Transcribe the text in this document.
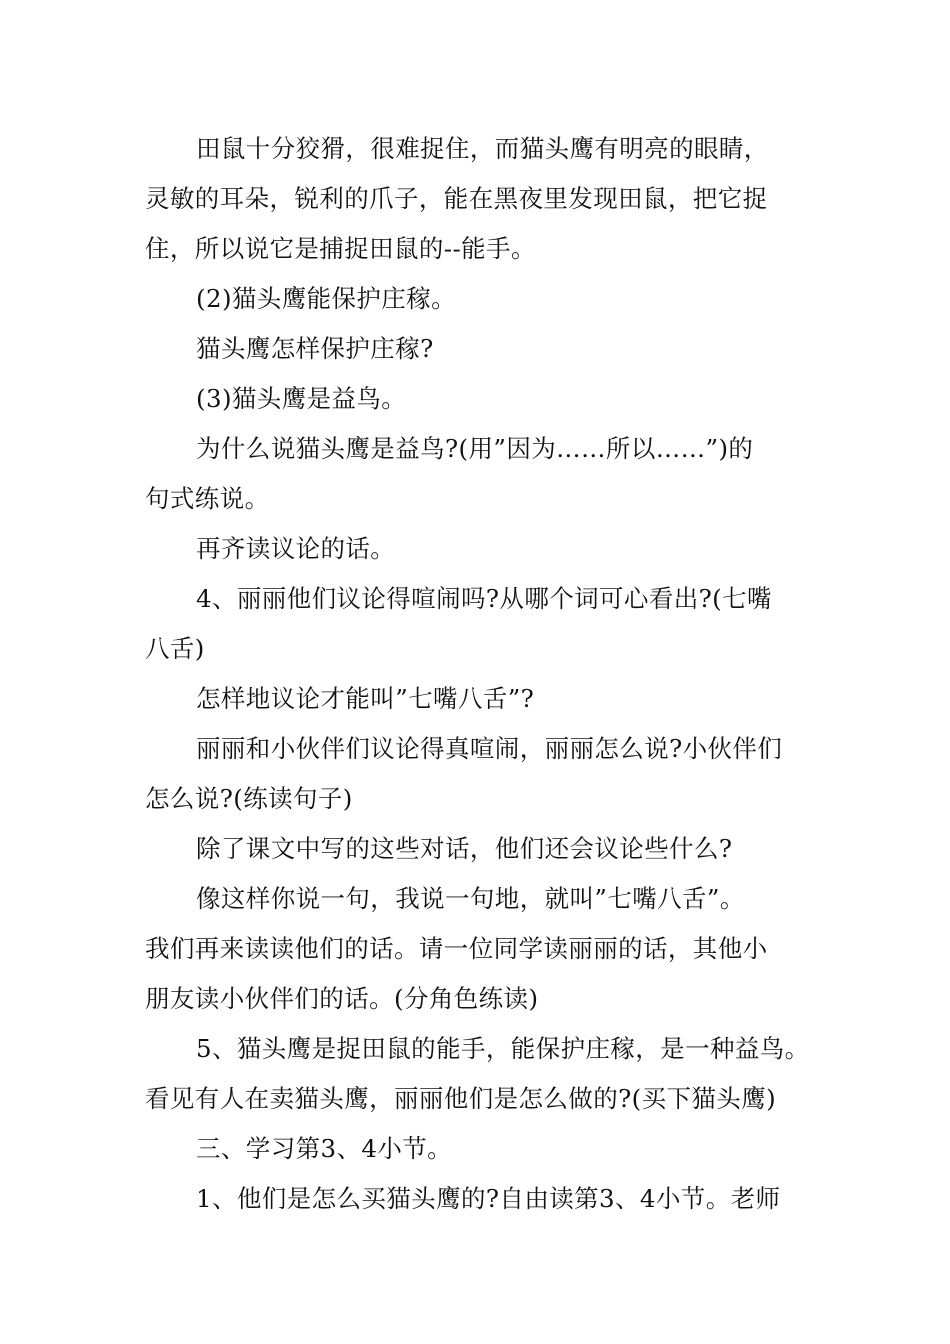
田鼠十分狡猾，很难捉住，而猫头鹰有明亮的眼睛，
灵敏的耳朵，锐利的爪子，能在黑夜里发现田鼠，把它捉
住，所以说它是捕捉田鼠的--能手。
(2)猫头鹰能保护庄稼。
猫头鹰怎样保护庄稼?
(3)猫头鹰是益鸟。
为什么说猫头鹰是益鸟?(用”因为……所以……”)的
句式练说。
再齐读议论的话。
4、丽丽他们议论得喧闹吗?从哪个词可心看出?(七嘴
八舌)
怎样地议论才能叫”七嘴八舌”?
丽丽和小伙伴们议论得真喧闹，丽丽怎么说?小伙伴们
怎么说?(练读句子)
除了课文中写的这些对话，他们还会议论些什么?
像这样你说一句，我说一句地，就叫”七嘴八舌”。
我们再来读读他们的话。请一位同学读丽丽的话，其他小
朋友读小伙伴们的话。(分角色练读)
5、猫头鹰是捉田鼠的能手，能保护庄稼，是一种益鸟。
看见有人在卖猫头鹰，丽丽他们是怎么做的?(买下猫头鹰)
三、学习第3、4小节。
1、他们是怎么买猫头鹰的?自由读第3、4小节。老师
